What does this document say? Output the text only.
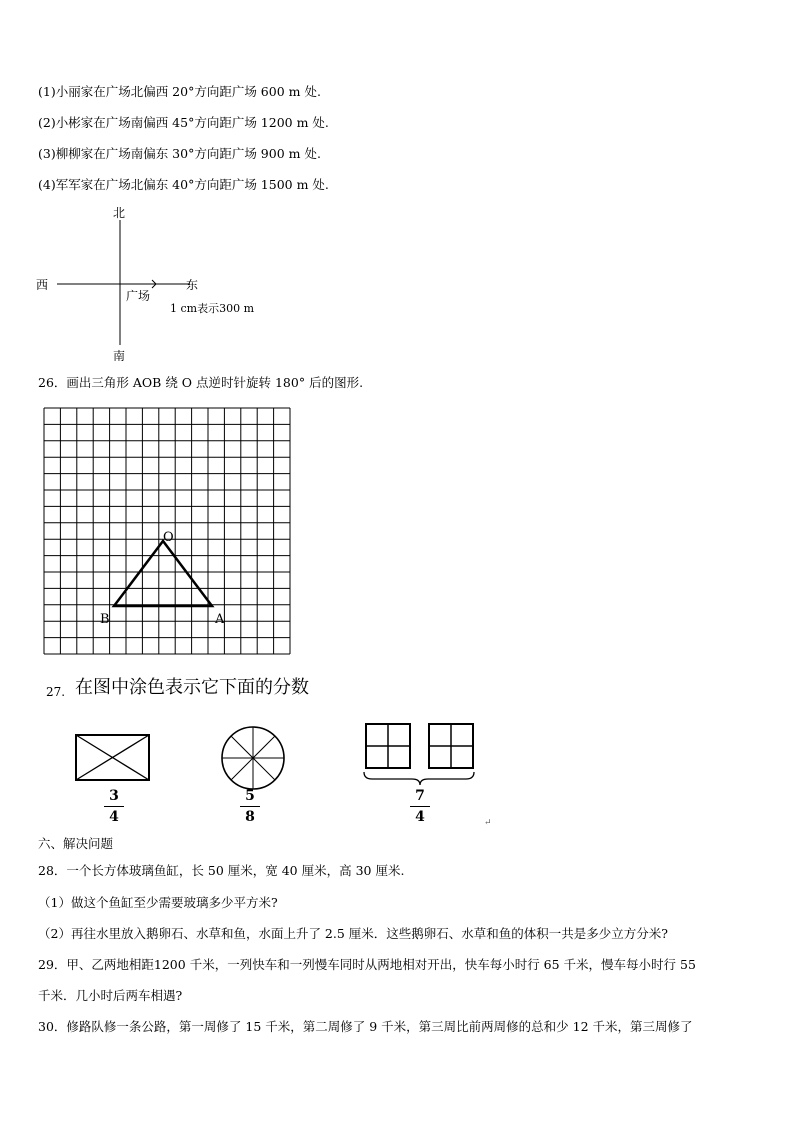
(1)小丽家在广场北偏西 20°方向距广场 600 m 处.
(2)小彬家在广场南偏西 45°方向距广场 1200 m 处.
(3)柳柳家在广场南偏东 30°方向距广场 900 m 处.
(4)军军家在广场北偏东 40°方向距广场 1500 m 处.
北
南
西	东
广场
1 cm表示300 m
26．画出三角形 AOB 绕 O 点逆时针旋转 180° 后的图形.
O
B	A
27. 在图中涂色表示它下面的分数
↵
3
4
5
8
7
4
六、解决问题
28．一个长方体玻璃鱼缸，长 50 厘米，宽 40 厘米，高 30 厘米.
（1）做这个鱼缸至少需要玻璃多少平方米?
（2）再往水里放入鹅卵石、水草和鱼，水面上升了 2.5 厘米．这些鹅卵石、水草和鱼的体积一共是多少立方分米?
29．甲、乙两地相距1200 千米，一列快车和一列慢车同时从两地相对开出，快车每小时行 65 千米，慢车每小时行 55
千米．几小时后两车相遇?
30．修路队修一条公路，第一周修了 15 千米，第二周修了 9 千米，第三周比前两周修的总和少 12 千米，第三周修了
